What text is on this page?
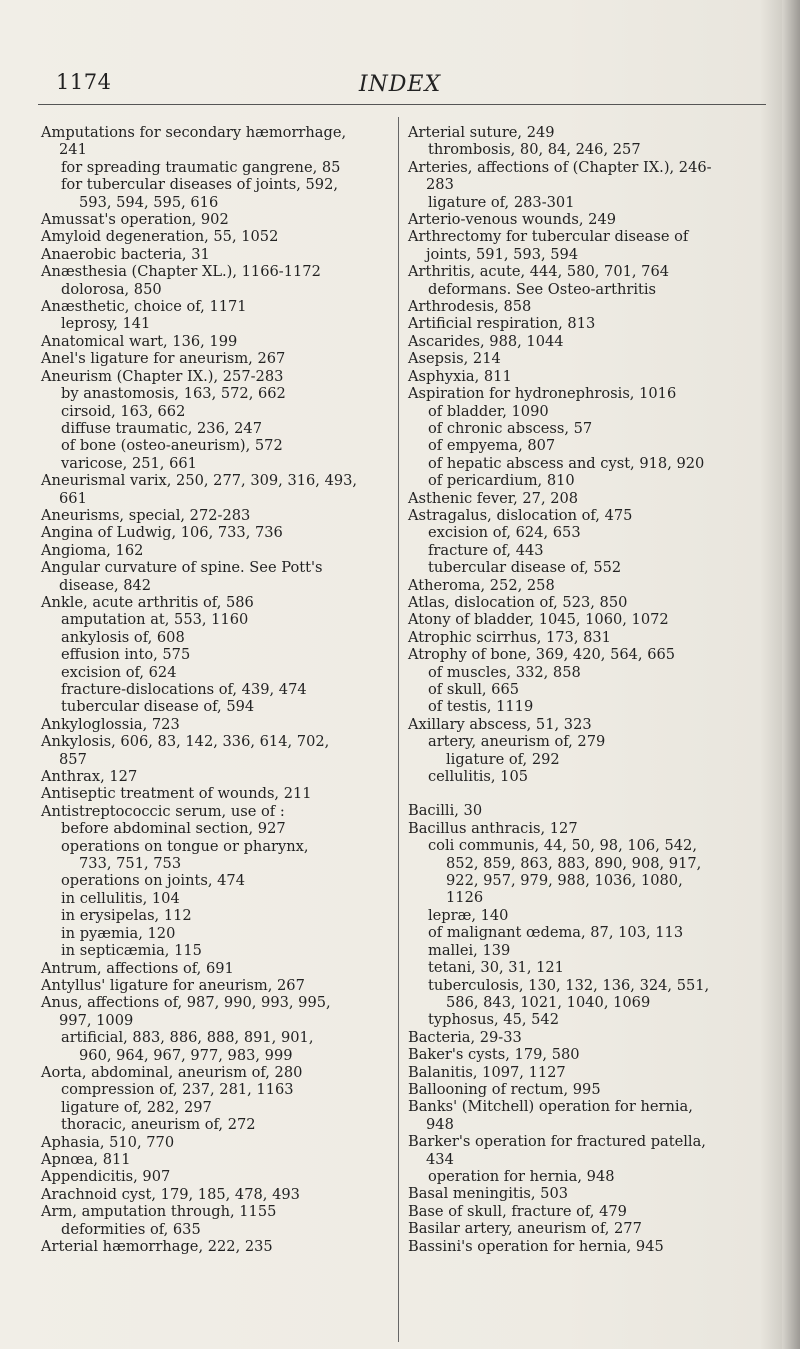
1174	INDEX
Amputations for secondary hæmorrhage,
241
for spreading traumatic gangrene, 85
for tubercular diseases of joints, 592,
593, 594, 595, 616
Amussat's operation, 902
Amyloid degeneration, 55, 1052
Anaerobic bacteria, 31
Anæsthesia (Chapter XL.), 1166-1172
dolorosa, 850
Anæsthetic, choice of, 1171
leprosy, 141
Anatomical wart, 136, 199
Anel's ligature for aneurism, 267
Aneurism (Chapter IX.), 257-283
by anastomosis, 163, 572, 662
cirsoid, 163, 662
diffuse traumatic, 236, 247
of bone (osteo-aneurism), 572
varicose, 251, 661
Aneurismal varix, 250, 277, 309, 316, 493,
661
Aneurisms, special, 272-283
Angina of Ludwig, 106, 733, 736
Angioma, 162
Angular curvature of spine. See Pott's
disease, 842
Ankle, acute arthritis of, 586
amputation at, 553, 1160
ankylosis of, 608
effusion into, 575
excision of, 624
fracture-dislocations of, 439, 474
tubercular disease of, 594
Ankyloglossia, 723
Ankylosis, 606, 83, 142, 336, 614, 702,
857
Anthrax, 127
Antiseptic treatment of wounds, 211
Antistreptococcic serum, use of :
before abdominal section, 927
operations on tongue or pharynx,
733, 751, 753
operations on joints, 474
in cellulitis, 104
in erysipelas, 112
in pyæmia, 120
in septicæmia, 115
Antrum, affections of, 691
Antyllus' ligature for aneurism, 267
Anus, affections of, 987, 990, 993, 995,
997, 1009
artificial, 883, 886, 888, 891, 901,
960, 964, 967, 977, 983, 999
Aorta, abdominal, aneurism of, 280
compression of, 237, 281, 1163
ligature of, 282, 297
thoracic, aneurism of, 272
Aphasia, 510, 770
Apnœa, 811
Appendicitis, 907
Arachnoid cyst, 179, 185, 478, 493
Arm, amputation through, 1155
deformities of, 635
Arterial hæmorrhage, 222, 235
Arterial suture, 249
thrombosis, 80, 84, 246, 257
Arteries, affections of (Chapter IX.), 246-
283
ligature of, 283-301
Arterio-venous wounds, 249
Arthrectomy for tubercular disease of
joints, 591, 593, 594
Arthritis, acute, 444, 580, 701, 764
deformans. See Osteo-arthritis
Arthrodesis, 858
Artificial respiration, 813
Ascarides, 988, 1044
Asepsis, 214
Asphyxia, 811
Aspiration for hydronephrosis, 1016
of bladder, 1090
of chronic abscess, 57
of empyema, 807
of hepatic abscess and cyst, 918, 920
of pericardium, 810
Asthenic fever, 27, 208
Astragalus, dislocation of, 475
excision of, 624, 653
fracture of, 443
tubercular disease of, 552
Atheroma, 252, 258
Atlas, dislocation of, 523, 850
Atony of bladder, 1045, 1060, 1072
Atrophic scirrhus, 173, 831
Atrophy of bone, 369, 420, 564, 665
of muscles, 332, 858
of skull, 665
of testis, 1119
Axillary abscess, 51, 323
artery, aneurism of, 279
ligature of, 292
cellulitis, 105
Bacilli, 30
Bacillus anthracis, 127
coli communis, 44, 50, 98, 106, 542,
852, 859, 863, 883, 890, 908, 917,
922, 957, 979, 988, 1036, 1080,
1126
lepræ, 140
of malignant œdema, 87, 103, 113
mallei, 139
tetani, 30, 31, 121
tuberculosis, 130, 132, 136, 324, 551,
586, 843, 1021, 1040, 1069
typhosus, 45, 542
Bacteria, 29-33
Baker's cysts, 179, 580
Balanitis, 1097, 1127
Ballooning of rectum, 995
Banks' (Mitchell) operation for hernia,
948
Barker's operation for fractured patella,
434
operation for hernia, 948
Basal meningitis, 503
Base of skull, fracture of, 479
Basilar artery, aneurism of, 277
Bassini's operation for hernia, 945
